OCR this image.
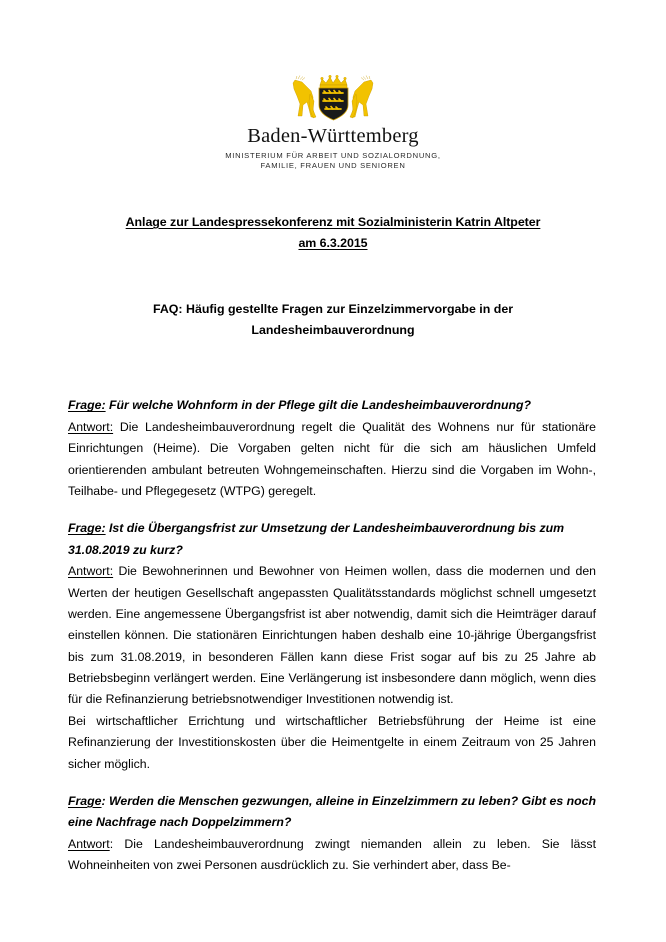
Baden-Württemberg
MINISTERIUM FÜR ARBEIT UND SOZIALORDNUNG,
FAMILIE, FRAUEN UND SENIOREN
Anlage zur Landespressekonferenz mit Sozialministerin Katrin Altpeter
am 6.3.2015
FAQ: Häufig gestellte Fragen zur Einzelzimmervorgabe in der
Landesheimbauverordnung
Frage: Für welche Wohnform in der Pflege gilt die Landesheimbauverordnung?

Antwort: Die Landesheimbauverordnung regelt die Qualität des Wohnens nur für stationäre Einrichtungen (Heime). Die Vorgaben gelten nicht für die sich am häuslichen Umfeld orientierenden ambulant betreuten Wohngemeinschaften. Hierzu sind die Vorgaben im Wohn-, Teilhabe- und Pflegegesetz (WTPG) geregelt.

Frage: Ist die Übergangsfrist zur Umsetzung der Landesheimbauverordnung bis zum 31.08.2019 zu kurz?

Antwort: Die Bewohnerinnen und Bewohner von Heimen wollen, dass die modernen und den Werten der heutigen Gesellschaft angepassten Qualitätsstandards möglichst schnell umgesetzt werden. Eine angemessene Übergangsfrist ist aber notwendig, damit sich die Heimträger darauf einstellen können. Die stationären Einrichtungen haben deshalb eine 10-jährige Übergangsfrist bis zum 31.08.2019, in besonderen Fällen kann diese Frist sogar auf bis zu 25 Jahre ab Betriebsbeginn verlängert werden. Eine Verlängerung ist insbesondere dann möglich, wenn dies für die Refinanzierung betriebsnotwendiger Investitionen notwendig ist.

Bei wirtschaftlicher Errichtung und wirtschaftlicher Betriebsführung der Heime ist eine Refinanzierung der Investitionskosten über die Heimentgelte in einem Zeitraum von 25 Jahren sicher möglich.

Frage: Werden die Menschen gezwungen, alleine in Einzelzimmern zu leben? Gibt es noch eine Nachfrage nach Doppelzimmern?

Antwort: Die Landesheimbauverordnung zwingt niemanden allein zu leben. Sie lässt Wohneinheiten von zwei Personen ausdrücklich zu. Sie verhindert aber, dass Be-
